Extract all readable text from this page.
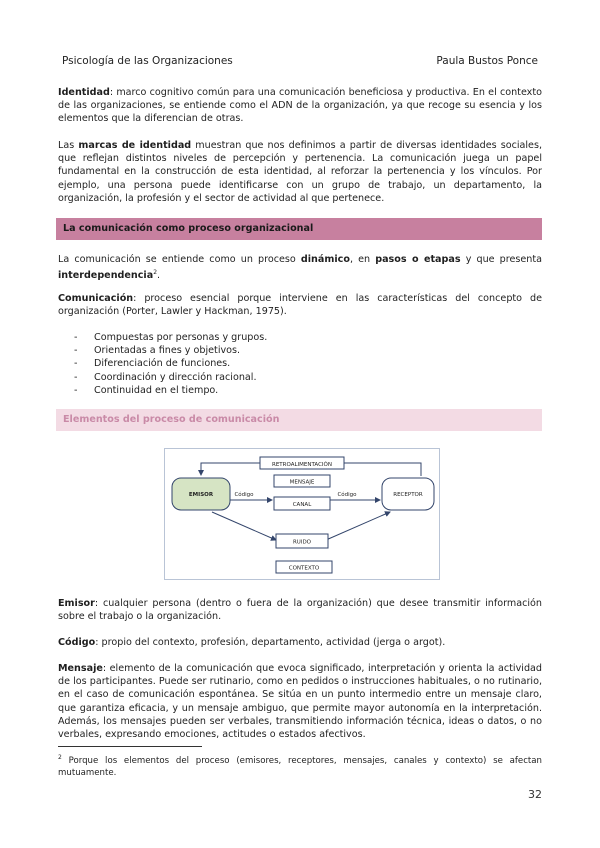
Psicología de las Organizaciones	Paula Bustos Ponce

Identidad: marco cognitivo común para una comunicación beneficiosa y productiva. En el contexto de las organizaciones, se entiende como el ADN de la organización, ya que recoge su esencia y los elementos que la diferencian de otras.

Las marcas de identidad muestran que nos definimos a partir de diversas identidades sociales, que reflejan distintos niveles de percepción y pertenencia. La comunicación juega un papel fundamental en la construcción de esta identidad, al reforzar la pertenencia y los vínculos. Por ejemplo, una persona puede identificarse con un grupo de trabajo, un departamento, la organización, la profesión y el sector de actividad al que pertenece.

La comunicación como proceso organizacional

La comunicación se entiende como un proceso dinámico, en pasos o etapas y que presenta interdependencia$^2$.

Comunicación: proceso esencial porque interviene en las características del concepto de organización (Porter, Lawler y Hackman, 1975).

- Compuestas por personas y grupos.
- Orientadas a fines y objetivos.
- Diferenciación de funciones.
- Coordinación y dirección racional.
- Continuidad en el tiempo.
Elementos del proceso de comunicación
RETROALIMENTACIÓN
EMISOR	RECEPTOR
MENSAJE
CANAL
Código	Código
RUIDO
CONTEXTO

Emisor: cualquier persona (dentro o fuera de la organización) que desee transmitir información sobre el trabajo o la organización.

Código: propio del contexto, profesión, departamento, actividad (jerga o argot).

Mensaje: elemento de la comunicación que evoca significado, interpretación y orienta la actividad de los participantes. Puede ser rutinario, como en pedidos o instrucciones habituales, o no rutinario, en el caso de comunicación espontánea. Se sitúa en un punto intermedio entre un mensaje claro, que garantiza eficacia, y un mensaje ambiguo, que permite mayor autonomía en la interpretación. Además, los mensajes pueden ser verbales, transmitiendo información técnica, ideas o datos, o no verbales, expresando emociones, actitudes o estados afectivos.

$^2$ Porque los elementos del proceso (emisores, receptores, mensajes, canales y contexto) se afectan mutuamente.

32
